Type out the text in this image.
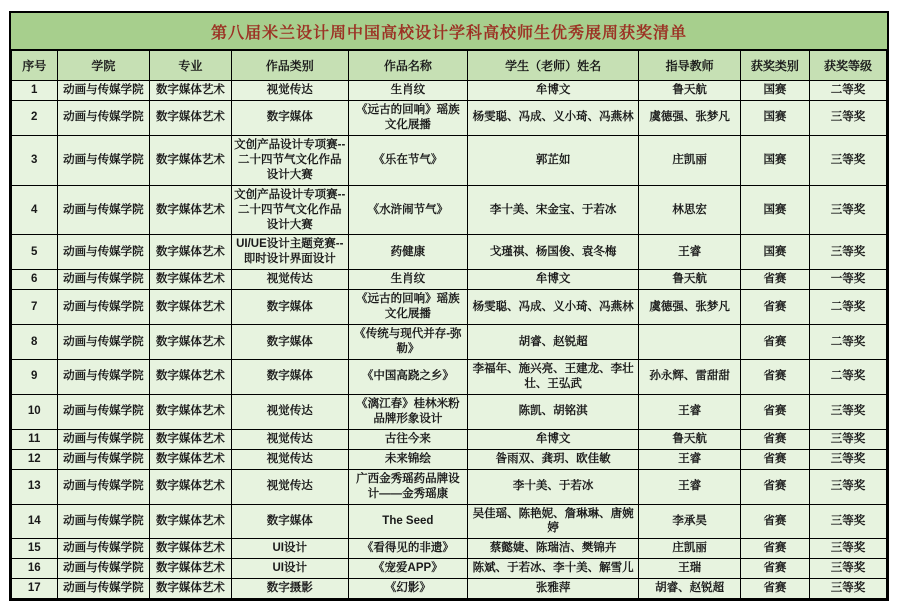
第八届米兰设计周中国高校设计学科高校师生优秀展周获奖清单
序号	学院	专业	作品类别	作品名称	学生（老师）姓名	指导教师	获奖类别	获奖等级
1	动画与传媒学院	数字媒体艺术	视觉传达	生肖纹	牟博文	鲁天航	国赛	二等奖
2	动画与传媒学院	数字媒体艺术	数字媒体	《远古的回响》瑶族文化展播	杨雯聪、冯成、义小琦、冯燕林	虞德强、张梦凡	国赛	三等奖
3	动画与传媒学院	数字媒体艺术	文创产品设计专项赛--二十四节气文化作品设计大赛	《乐在节气》	郭芷如	庄凯丽	国赛	三等奖
4	动画与传媒学院	数字媒体艺术	文创产品设计专项赛--二十四节气文化作品设计大赛	《水浒闹节气》	李十美、宋金宝、于若冰	林思宏	国赛	三等奖
5	动画与传媒学院	数字媒体艺术	UI/UE设计主题竞赛--即时设计界面设计	药健康	戈瑾祺、杨国俊、袁冬梅	王睿	国赛	三等奖
6	动画与传媒学院	数字媒体艺术	视觉传达	生肖纹	牟博文	鲁天航	省赛	一等奖
7	动画与传媒学院	数字媒体艺术	数字媒体	《远古的回响》瑶族文化展播	杨雯聪、冯成、义小琦、冯燕林	虞德强、张梦凡	省赛	二等奖
8	动画与传媒学院	数字媒体艺术	数字媒体	《传统与现代并存-弥勒》	胡睿、赵锐超		省赛	二等奖
9	动画与传媒学院	数字媒体艺术	数字媒体	《中国高跷之乡》	李福年、施兴亮、王建龙、李壮壮、王弘武	孙永辉、雷甜甜	省赛	二等奖
10	动画与传媒学院	数字媒体艺术	视觉传达	《漓江春》桂林米粉品牌形象设计	陈凯、胡铭淇	王睿	省赛	三等奖
11	动画与传媒学院	数字媒体艺术	视觉传达	古往今来	牟博文	鲁天航	省赛	三等奖
12	动画与传媒学院	数字媒体艺术	视觉传达	未来锦绘	昝雨双、龚玥、欧佳敏	王睿	省赛	三等奖
13	动画与传媒学院	数字媒体艺术	视觉传达	广西金秀瑶药品牌设计——金秀瑶康	李十美、于若冰	王睿	省赛	三等奖
14	动画与传媒学院	数字媒体艺术	数字媒体	The Seed	吴佳瑶、陈艳妮、詹琳琳、唐婉婷	李承昊	省赛	三等奖
15	动画与传媒学院	数字媒体艺术	UI设计	《看得见的非遗》	蔡懿婕、陈瑞洁、樊锦卉	庄凯丽	省赛	三等奖
16	动画与传媒学院	数字媒体艺术	UI设计	《宠爱APP》	陈斌、于若冰、李十美、解雪儿	王瑞	省赛	三等奖
17	动画与传媒学院	数字媒体艺术	数字摄影	《幻影》	张雅萍	胡睿、赵锐超	省赛	三等奖
